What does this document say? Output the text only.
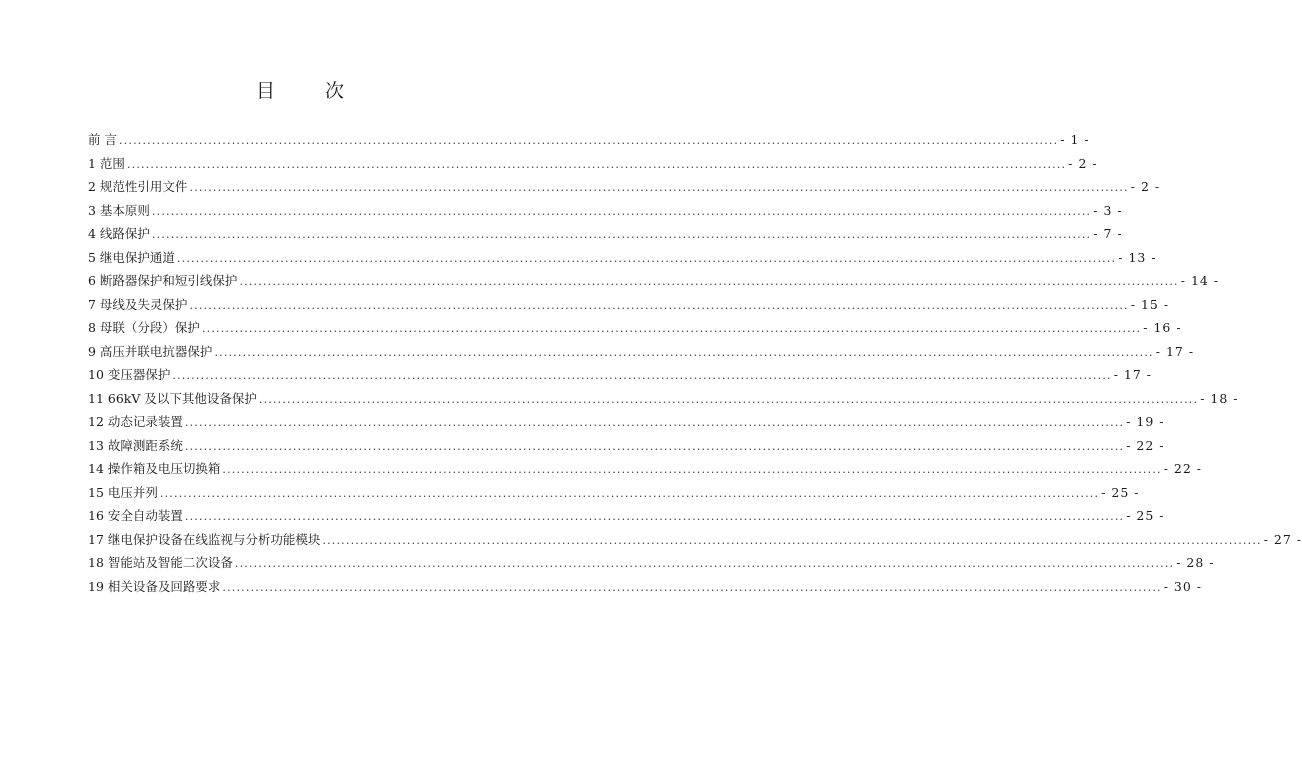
目 次
前 言 ........................................................................................................................................................................................................ - 1 -
1 范围 ........................................................................................................................................................................................................ - 2 -
2 规范性引用文件 ........................................................................................................................................................................................................ - 2 -
3 基本原则 ........................................................................................................................................................................................................ - 3 -
4 线路保护 ........................................................................................................................................................................................................ - 7 -
5 继电保护通道 ........................................................................................................................................................................................................ - 13 -
6 断路器保护和短引线保护 ........................................................................................................................................................................................................ - 14 -
7 母线及失灵保护 ........................................................................................................................................................................................................ - 15 -
8 母联（分段）保护 ........................................................................................................................................................................................................ - 16 -
9 高压并联电抗器保护 ........................................................................................................................................................................................................ - 17 -
10 变压器保护 ........................................................................................................................................................................................................ - 17 -
11 66kV 及以下其他设备保护 ........................................................................................................................................................................................................ - 18 -
12 动态记录装置 ........................................................................................................................................................................................................ - 19 -
13 故障测距系统 ........................................................................................................................................................................................................ - 22 -
14 操作箱及电压切换箱 ........................................................................................................................................................................................................ - 22 -
15 电压并列 ........................................................................................................................................................................................................ - 25 -
16 安全自动装置 ........................................................................................................................................................................................................ - 25 -
17 继电保护设备在线监视与分析功能模块 ........................................................................................................................................................................................................ - 27 -
18 智能站及智能二次设备 ........................................................................................................................................................................................................ - 28 -
19 相关设备及回路要求 ........................................................................................................................................................................................................ - 30 -
